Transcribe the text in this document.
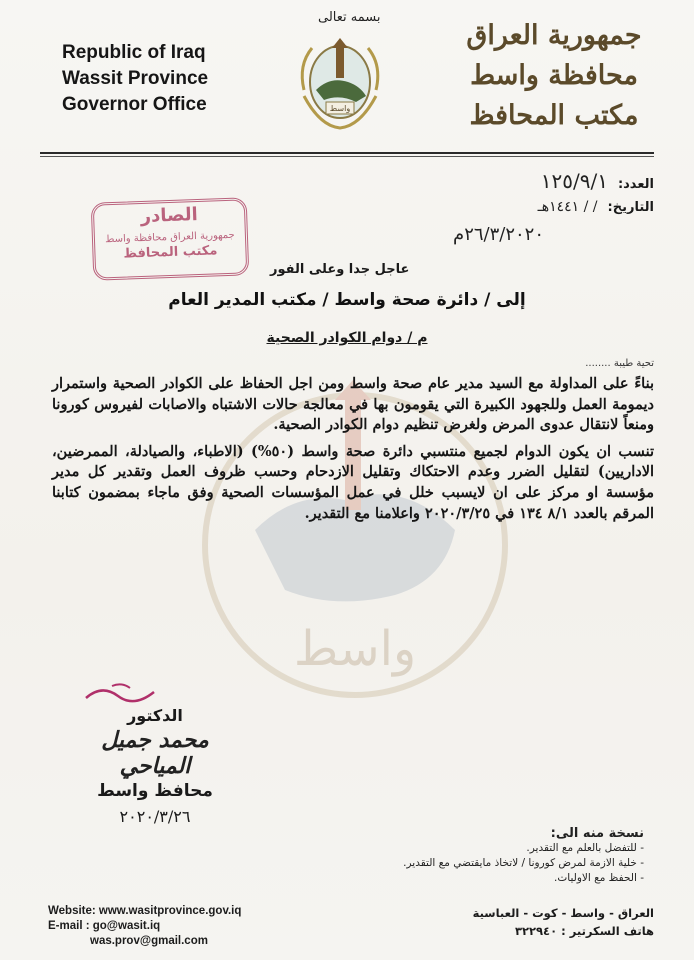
Republic of Iraq
Wassit Province
Governor Office
بسمه تعالى
واسط
جمهورية العراق
محافظة واسط
مكتب المحافظ
العدد:
١٢٥/٩/١
التاريخ:
/ / ١٤٤١هـ
٢٦/٣/٢٠٢٠م
الصادر
جمهورية العراق محافظة واسط
مكتب المحافظ
عاجل جدا وعلى الفور
إلى / دائرة صحة واسط / مكتب المدير العام
م / دوام الكوادر الصحية
تحية طيبة ........
واسط

بناءً على المداولة مع السيد مدير عام صحة واسط ومن اجل الحفاظ على الكوادر الصحية واستمرار ديمومة العمل وللجهود الكبيرة التي يقومون بها في معالجة حالات الاشتباه والاصابات لفيروس كورونا ومنعاً لانتقال عدوى المرض ولغرض تنظيم دوام الكوادر الصحية.

تنسب ان يكون الدوام لجميع منتسبي دائرة صحة واسط (٥٠%) (الاطباء، والصيادلة، الممرضين، الاداريين) لتقليل الضرر وعدم الاحتكاك وتقليل الازدحام وحسب ظروف العمل وتقدير كل مدير مؤسسة او مركز على ان لايسبب خلل في عمل المؤسسات الصحية وفق ماجاء بمضمون كتابنا المرقم بالعدد ٨/١ ١٣٤ في ٢٠٢٠/٣/٢٥ واعلامنا مع التقدير.

الدكتور
محمد جميل المياحي
محافظ واسط
٢٠٢٠/٣/٢٦
نسخة منه الى:
- للتفضل بالعلم مع التقدير.
- خلية الازمة لمرض كورونا / لاتخاذ مايقتضي مع التقدير.
- الحفظ مع الاوليات.
Website: www.wasitprovince.gov.iq
E-mail : go@wasit.iq
was.prov@gmail.com
العراق - واسط - كوت - العباسية
هاتف السكرتير : ٣٢٢٩٤٠
